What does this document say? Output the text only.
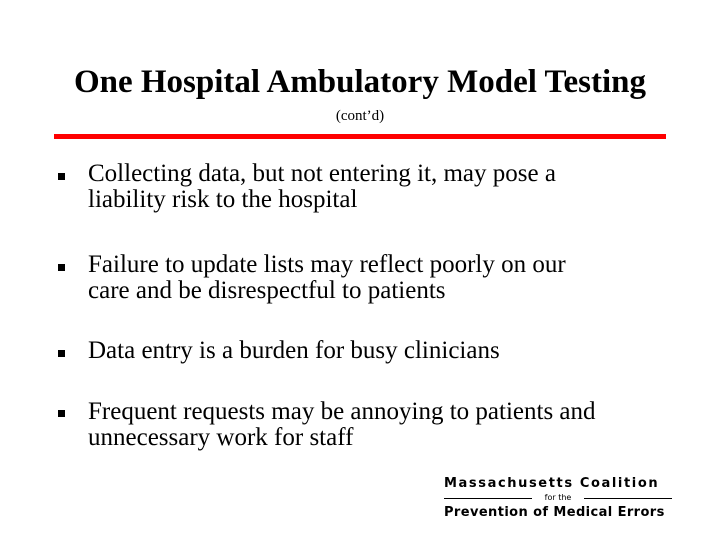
One Hospital Ambulatory Model Testing
(cont’d)
Collecting data, but not entering it, may pose a
liability risk to the hospital
Failure to update lists may reflect poorly on our
care and be disrespectful to patients
Data entry is a burden for busy clinicians
Frequent requests may be annoying to patients and
unnecessary work for staff
Massachusetts Coalition
for the
Prevention of Medical Errors
